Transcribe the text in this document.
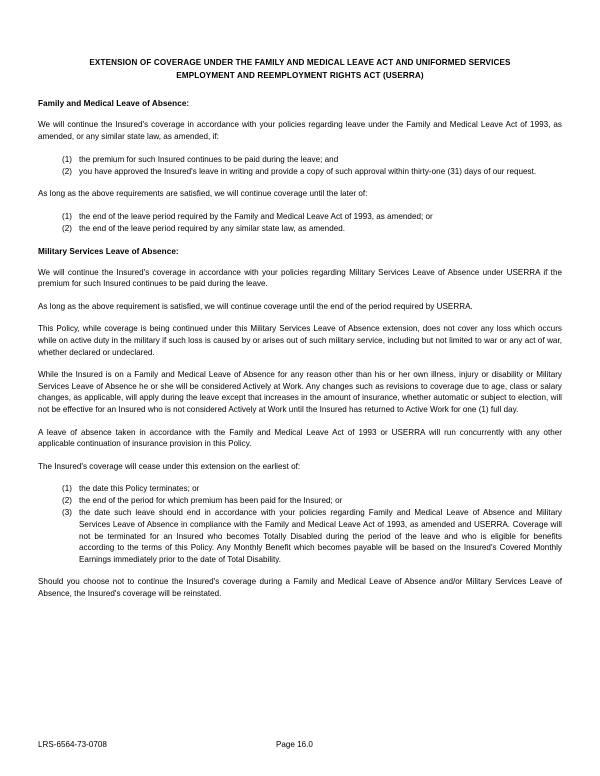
EXTENSION OF COVERAGE UNDER THE FAMILY AND MEDICAL LEAVE ACT AND UNIFORMED SERVICES
EMPLOYMENT AND REEMPLOYMENT RIGHTS ACT (USERRA)
Family and Medical Leave of Absence:

We will continue the Insured's coverage in accordance with your policies regarding leave under the Family and Medical Leave Act of 1993, as amended, or any similar state law, as amended, if:

(1) the premium for such Insured continues to be paid during the leave; and
(2) you have approved the Insured's leave in writing and provide a copy of such approval within thirty-one (31) days of our request.

As long as the above requirements are satisfied, we will continue coverage until the later of:

(1) the end of the leave period required by the Family and Medical Leave Act of 1993, as amended; or
(2) the end of the leave period required by any similar state law, as amended.
Military Services Leave of Absence:

We will continue the Insured's coverage in accordance with your policies regarding Military Services Leave of Absence under USERRA if the premium for such Insured continues to be paid during the leave.

As long as the above requirement is satisfied, we will continue coverage until the end of the period required by USERRA.

This Policy, while coverage is being continued under this Military Services Leave of Absence extension, does not cover any loss which occurs while on active duty in the military if such loss is caused by or arises out of such military service, including but not limited to war or any act of war, whether declared or undeclared.

While the Insured is on a Family and Medical Leave of Absence for any reason other than his or her own illness, injury or disability or Military Services Leave of Absence he or she will be considered Actively at Work. Any changes such as revisions to coverage due to age, class or salary changes, as applicable, will apply during the leave except that increases in the amount of insurance, whether automatic or subject to election, will not be effective for an Insured who is not considered Actively at Work until the Insured has returned to Active Work for one (1) full day.

A leave of absence taken in accordance with the Family and Medical Leave Act of 1993 or USERRA will run concurrently with any other applicable continuation of insurance provision in this Policy.

The Insured's coverage will cease under this extension on the earliest of:

(1) the date this Policy terminates; or
(2) the end of the period for which premium has been paid for the Insured; or
(3) the date such leave should end in accordance with your policies regarding Family and Medical Leave of Absence and Military Services Leave of Absence in compliance with the Family and Medical Leave Act of 1993, as amended and USERRA. Coverage will not be terminated for an Insured who becomes Totally Disabled during the period of the leave and who is eligible for benefits according to the terms of this Policy. Any Monthly Benefit which becomes payable will be based on the Insured's Covered Monthly Earnings immediately prior to the date of Total Disability.

Should you choose not to continue the Insured's coverage during a Family and Medical Leave of Absence and/or Military Services Leave of Absence, the Insured's coverage will be reinstated.

LRS-6564-73-0708	Page 16.0
